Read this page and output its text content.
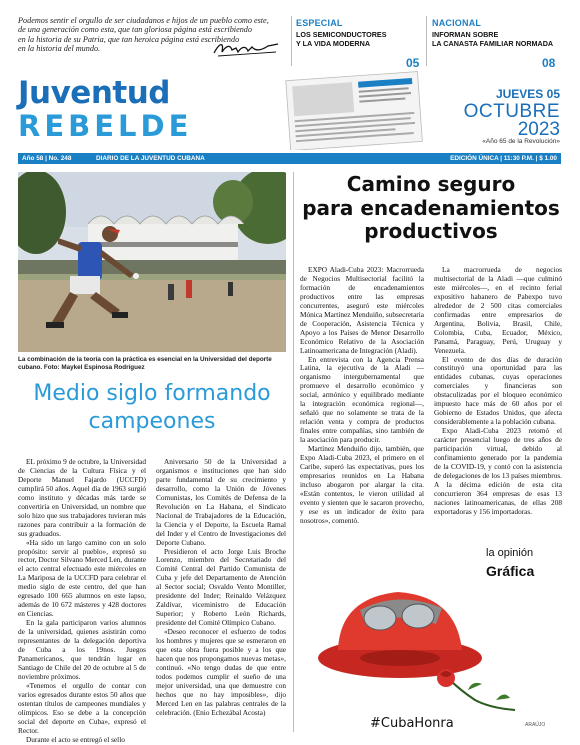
Podemos sentir el orgullo de ser ciudadanos e hijos de un pueblo como este,
de una generación como esta, que tan gloriosa página está escribiendo
en la historia de su Patria, que tan heroica página está escribiendo
en la historia del mundo.
ESPECIAL
LOS SEMICONDUCTORES
Y LA VIDA MODERNA
05
NACIONAL
INFORMAN SOBRE
LA CANASTA FAMILIAR NORMADA
08
Juventud
REBELDE
JUEVES 05
OCTUBRE
2023
«Año 65 de la Revolución»
Año 58 | No. 248	DIARIO DE LA JUVENTUD CUBANA	EDICIÓN ÚNICA | 11:30 P.M. | $ 1.00
La combinación de la teoría con la práctica es esencial en la Universidad del deporte cubano. Foto: Maykel Espinosa Rodríguez
Medio siglo formando
campeones

EL próximo 9 de octubre, la Universidad de Ciencias de la Cultura Física y el Deporte Manuel Fajardo (UCCFD) cumplirá 50 años. Aquel día de 1963 surgió como instituto y décadas más tarde se convertiría en Universidad, un nombre que solo hizo que sus trabajadores tuvieran más razones para contribuir a la formación de sus graduados.

«Ha sido un largo camino con un solo propósito: servir al pueblo», expresó su rector, Doctor Silvano Merced Len, durante el acto central efectuado este miércoles en La Mariposa de la UCCFD para celebrar el medio siglo de este centro, del que han egresado 100 665 alumnos en este lapso, además de 10 672 másteres y 428 doctores en Ciencias.

En la gala participaron varios alumnos de la universidad, quienes asistirán como representantes de la delegación deportiva de Cuba a los 19nos. Juegos Panamericanos, que tendrán lugar en Santiago de Chile del 20 de octubre al 5 de noviembre próximos.

«Tenemos el orgullo de contar con varios egresados durante estos 50 años que ostentan títulos de campeones mundiales y olímpicos. Eso se debe a la concepción social del deporte en Cuba», expresó el Rector.

Durante el acto se entregó el sello

Aniversario 50 de la Universidad a organismos e instituciones que han sido parte fundamental de su crecimiento y desarrollo, como la Unión de Jóvenes Comunistas, los Comités de Defensa de la Revolución en La Habana, el Sindicato Nacional de Trabajadores de la Educación, la Ciencia y el Deporte, la Escuela Ramal del Inder y el Centro de Investigaciones del Deporte Cubano.

Presidieron el acto Jorge Luis Broche Lorenzo, miembro del Secretariado del Comité Central del Partido Comunista de Cuba y jefe del Departamento de Atención al Sector social; Osvaldo Vento Montiller, presidente del Inder; Reinaldo Velázquez Zaldívar, viceministro de Educación Superior; y Roberto León Richards, presidente del Comité Olímpico Cubano.

«Deseo reconocer el esfuerzo de todos los hombres y mujeres que se esmeraron en que esta obra fuera posible y a los que hacen que nos propongamos nuevas metas», continuó. «No tengo dudas de que entre todos podemos cumplir el sueño de una mejor universidad, una que demuestre con hechos que no hay imposibles», dijo Merced Len en las palabras centrales de la celebración. (Enio Echezábal Acosta)

Camino seguro
para encadenamientos
productivos

EXPO Aladi-Cuba 2023: Macrorrueda de Negocios Multisectorial facilitó la formación de encadenamientos productivos entre las empresas concurrentes, aseguró este miércoles Mónica Martínez Menduiño, subsecretaria de Cooperación, Asistencia Técnica y Apoyo a los Países de Menor Desarrollo Económico Relativo de la Asociación Latinoamericana de Integración (Aladi).

En entrevista con la Agencia Prensa Latina, la ejecutiva de la Aladi —organismo intergubernamental que promueve el desarrollo económico y social, armónico y equilibrado mediante la integración económica regional—, señaló que no solamente se trata de la relación venta y compra de productos finales entre compañías, sino también de la asociación para producir.

Martínez Menduiño dijo, también, que Expo Aladi-Cuba 2023, el primero en el Caribe, superó las expectativas, pues los empresarios reunidos en La Habana incluso abogaron por alargar la cita. «Están contentos, le vieron utilidad al evento y sienten que le sacaron provecho, y ese es un indicador de éxito para nosotros», comentó.

La macrorrueda de negocios multisectorial de la Aladi —que culminó este miércoles—, en el recinto ferial expositivo habanero de Pabexpo tuvo alrededor de 2 500 citas comerciales confirmadas entre empresarios de Argentina, Bolivia, Brasil, Chile, Colombia, Cuba, Ecuador, México, Panamá, Paraguay, Perú, Uruguay y Venezuela.

El evento de dos días de duración constituyó una oportunidad para las entidades cubanas, cuyas operaciones comerciales y financieras son obstaculizadas por el bloqueo económico impuesto hace más de 60 años por el Gobierno de Estados Unidos, que afecta considerablemente a la población cubana.

Expo Aladi-Cuba 2023 retomó el carácter presencial luego de tres años de participación virtual, debido al confinamiento generado por la pandemia de la COVID-19, y contó con la asistencia de delegaciones de los 13 países miembros. A la décima edición de esta cita concurrieron 364 empresas de esas 13 naciones latinoamericanas, de ellas 208 exportadoras y 156 importadoras.

la opinión
Gráfica
#CubaHonra	ARAÚJO
